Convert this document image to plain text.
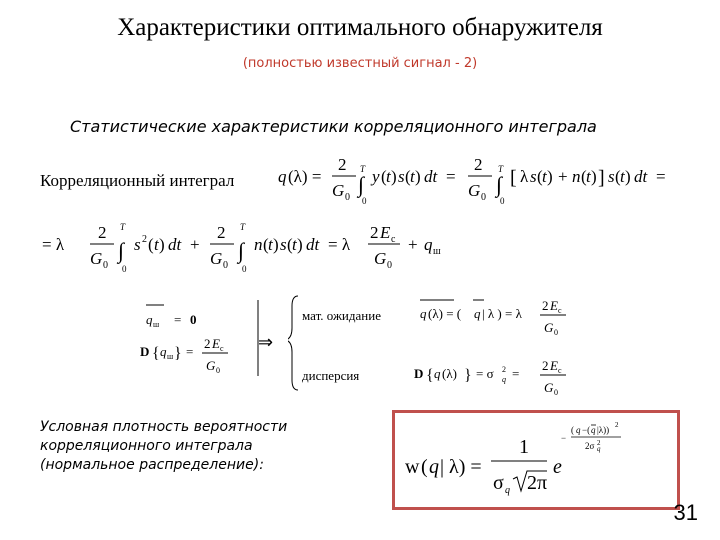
Характеристики оптимального обнаружителя
(полностью известный сигнал - 2)
Статистические характеристики корреляционного интеграла
Корреляционный интеграл	q (λ) =
2
G 0
T
∫
0
y ( t ) s ( t ) dt =
2
G 0
T
∫
0
[ λ s ( t ) + n ( t ) ] s ( t ) dt =
= λ
2
G 0
T
∫
0
s 2 ( t ) dt +
2
G 0
T
∫
0
n ( t ) s ( t ) dt = λ
2 E c
G 0
+ q ш
q ш = 0
D { q ш } =
2 E c
G 0
⇒
q (λ) = ( q | λ ) = λ
2 E c
G 0
D { q (λ) } = σ 2
q =
2 E c
G 0
мат. ожидание
дисперсия
Условная плотность вероятности
корреляционного интеграла
(нормальное распределение):	w ( q | λ) =
1
σ q 2π
e
−
( q −( q |λ)) 2
2σ 2
q
31
